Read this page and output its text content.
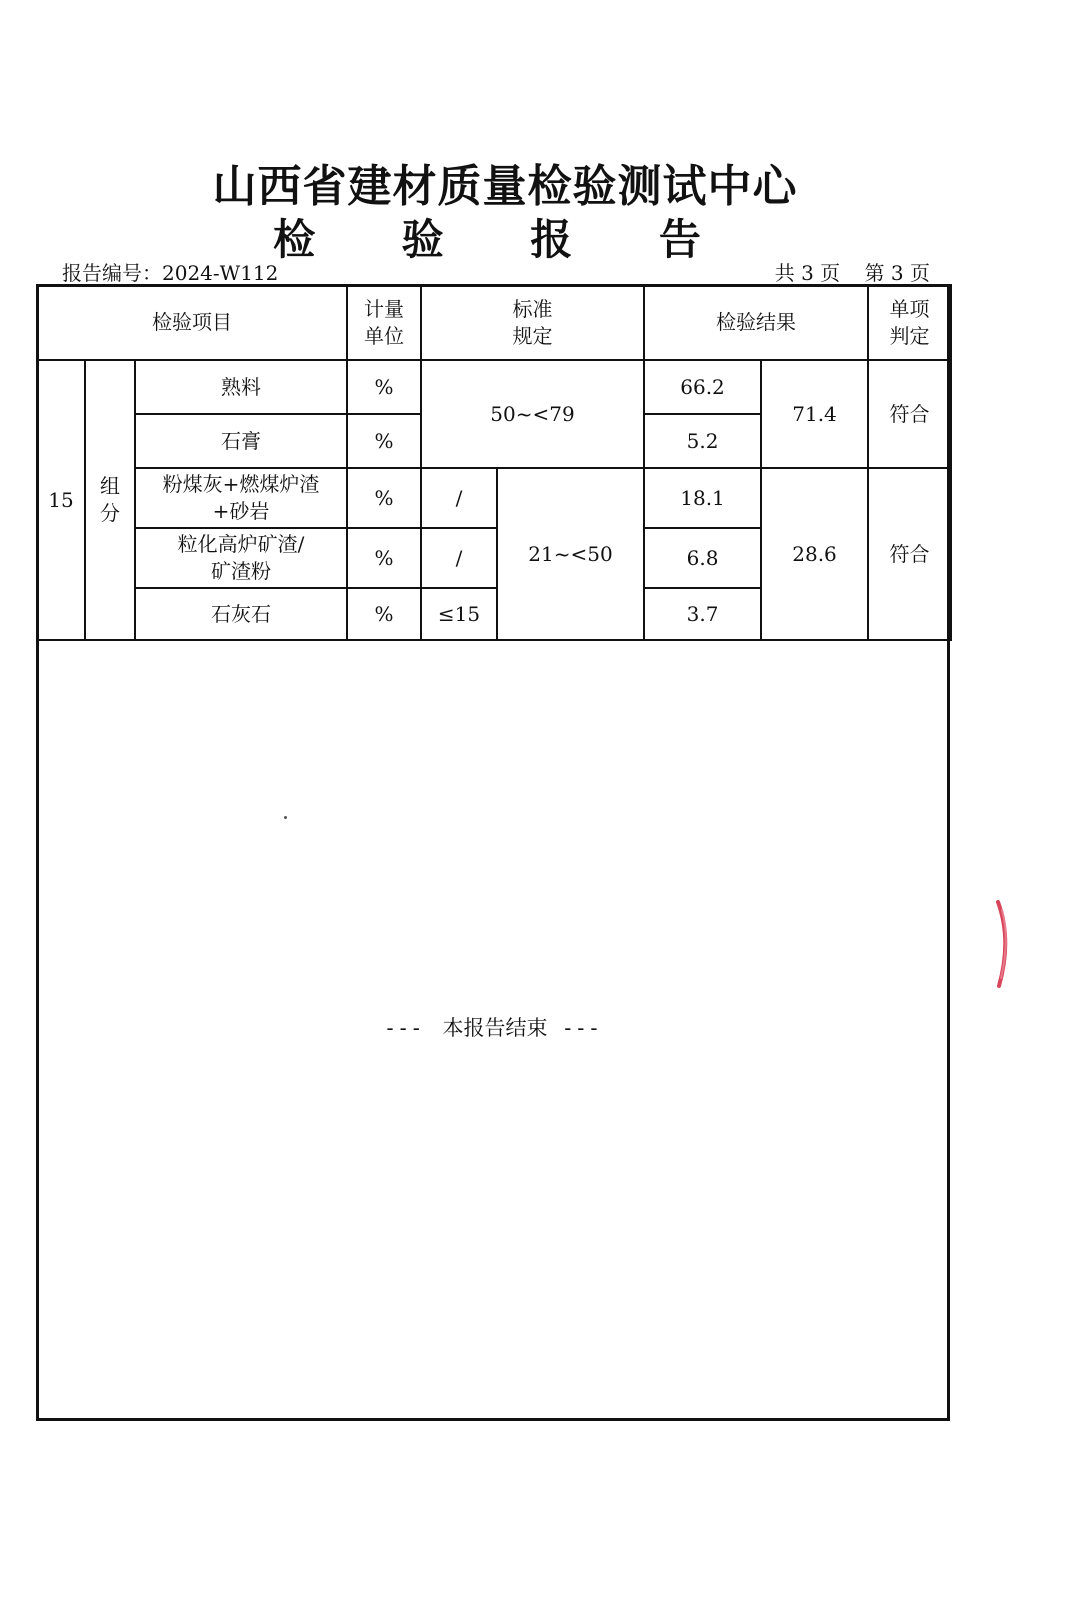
山西省建材质量检验测试中心
检 验 报 告
报告编号：2024-W112	共 3 页 第 3 页
检验项目			计量单位	标准规定		检验结果		单项判定

15	组分	熟料	%	50~<79		66.2	71.4	符合
		石膏	%			5.2		

		粉煤灰+燃煤炉渣+砂岩	%	/	21~<50	18.1	28.6	符合

		粒化高炉矿渣/矿渣粉	%	/		6.8		
		石灰石	%	≤15		3.7		
--- 本报告结束 ---
